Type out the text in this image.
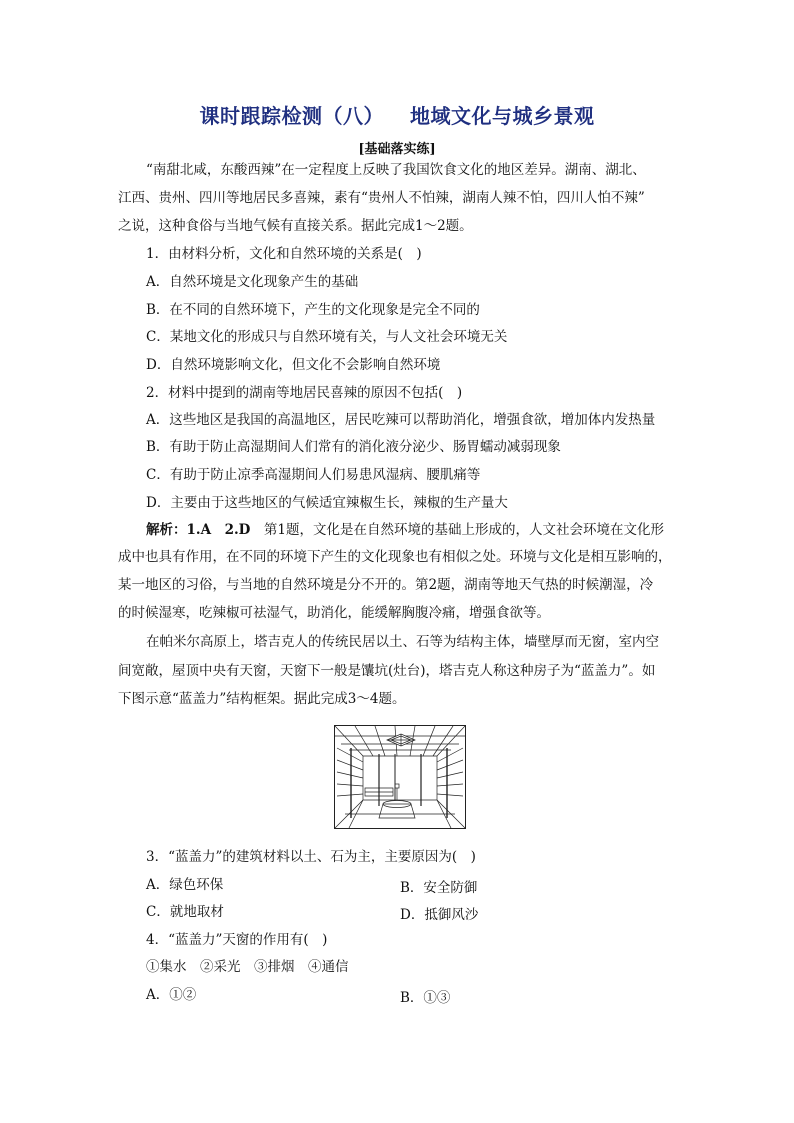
课时跟踪检测（八） 地域文化与城乡景观
[基础落实练]
“南甜北咸，东酸西辣”在一定程度上反映了我国饮食文化的地区差异。湖南、湖北、
江西、贵州、四川等地居民多喜辣，素有“贵州人不怕辣，湖南人辣不怕，四川人怕不辣”
之说，这种食俗与当地气候有直接关系。据此完成1～2题。
1．由材料分析，文化和自然环境的关系是(　)
A．自然环境是文化现象产生的基础
B．在不同的自然环境下，产生的文化现象是完全不同的
C．某地文化的形成只与自然环境有关，与人文社会环境无关
D．自然环境影响文化，但文化不会影响自然环境
2．材料中提到的湖南等地居民喜辣的原因不包括(　)
A．这些地区是我国的高温地区，居民吃辣可以帮助消化，增强食欲，增加体内发热量
B．有助于防止高湿期间人们常有的消化液分泌少、肠胃蠕动减弱现象
C．有助于防止凉季高湿期间人们易患风湿病、腰肌痛等
D．主要由于这些地区的气候适宜辣椒生长，辣椒的生产量大
解析：1.A　2.D　第1题，文化是在自然环境的基础上形成的，人文社会环境在文化形
成中也具有作用，在不同的环境下产生的文化现象也有相似之处。环境与文化是相互影响的，
某一地区的习俗，与当地的自然环境是分不开的。第2题，湖南等地天气热的时候潮湿，冷
的时候湿寒，吃辣椒可祛湿气，助消化，能缓解胸腹冷痛，增强食欲等。
在帕米尔高原上，塔吉克人的传统民居以土、石等为结构主体，墙壁厚而无窗，室内空
间宽敞，屋顶中央有天窗，天窗下一般是馕坑(灶台)，塔吉克人称这种房子为“蓝盖力”。如
下图示意“蓝盖力”结构框架。据此完成3～4题。
3．“蓝盖力”的建筑材料以土、石为主，主要原因为(　)
A．绿色环保	B．安全防御
C．就地取材	D．抵御风沙
4．“蓝盖力”天窗的作用有(　)
①集水　②采光　③排烟　④通信
A．①②	B．①③
